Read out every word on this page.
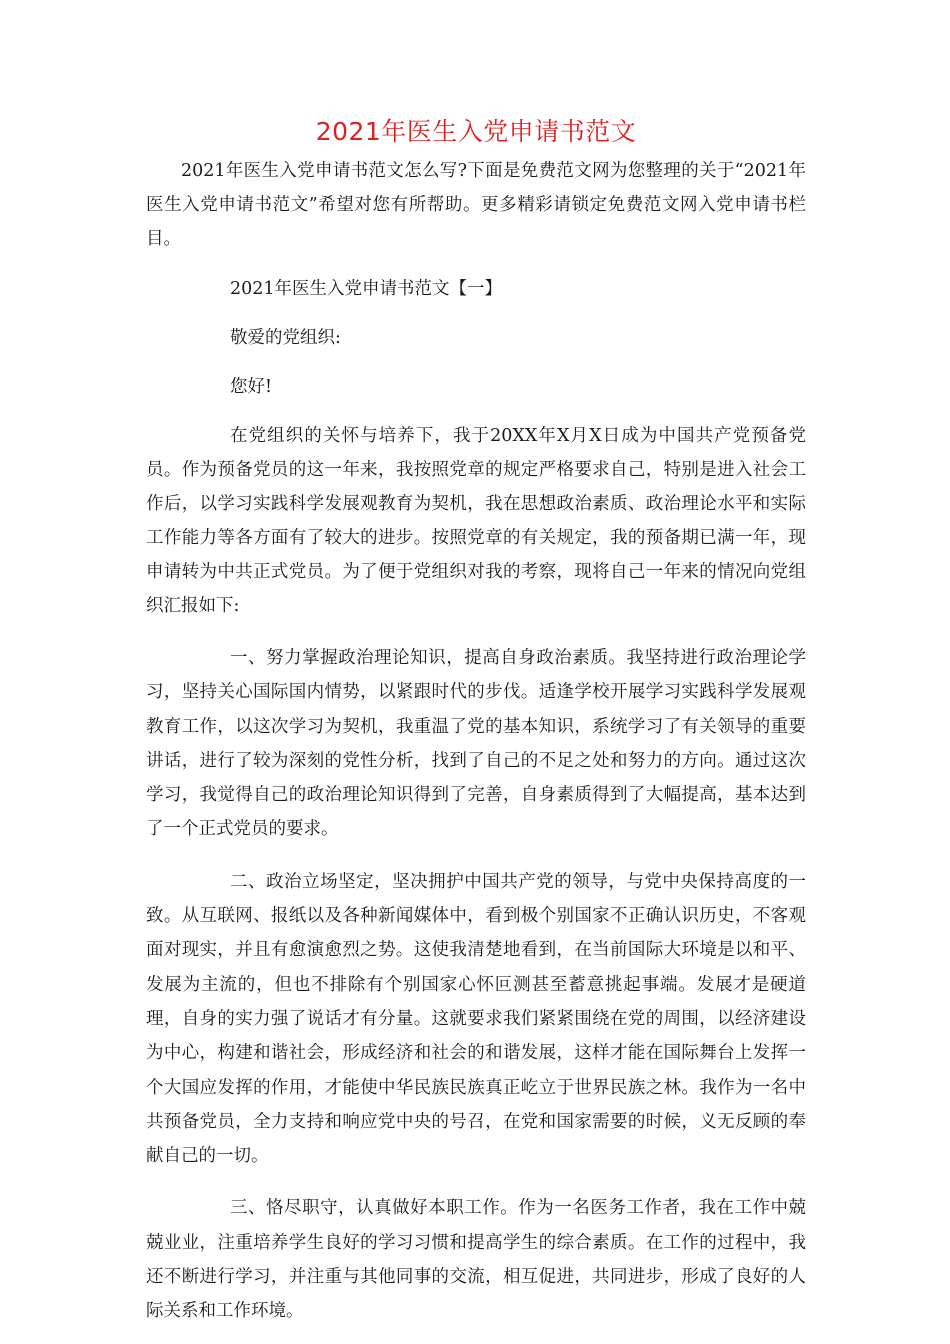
2021年医生入党申请书范文

2021年医生入党申请书范文怎么写?下面是免费范文网为您整理的关于“2021年医生入党申请书范文”希望对您有所帮助。更多精彩请锁定免费范文网入党申请书栏目。

2021年医生入党申请书范文【一】

敬爱的党组织:

您好!

在党组织的关怀与培养下，我于20XX年X月X日成为中国共产党预备党员。作为预备党员的这一年来，我按照党章的规定严格要求自己，特别是进入社会工作后，以学习实践科学发展观教育为契机，我在思想政治素质、政治理论水平和实际工作能力等各方面有了较大的进步。按照党章的有关规定，我的预备期已满一年，现申请转为中共正式党员。为了便于党组织对我的考察，现将自己一年来的情况向党组织汇报如下:

一、努力掌握政治理论知识，提高自身政治素质。我坚持进行政治理论学习，坚持关心国际国内情势，以紧跟时代的步伐。适逢学校开展学习实践科学发展观教育工作，以这次学习为契机，我重温了党的基本知识，系统学习了有关领导的重要讲话，进行了较为深刻的党性分析，找到了自己的不足之处和努力的方向。通过这次学习，我觉得自己的政治理论知识得到了完善，自身素质得到了大幅提高，基本达到了一个正式党员的要求。

二、政治立场坚定，坚决拥护中国共产党的领导，与党中央保持高度的一致。从互联网、报纸以及各种新闻媒体中，看到极个别国家不正确认识历史，不客观面对现实，并且有愈演愈烈之势。这使我清楚地看到，在当前国际大环境是以和平、发展为主流的，但也不排除有个别国家心怀叵测甚至蓄意挑起事端。发展才是硬道理，自身的实力强了说话才有分量。这就要求我们紧紧围绕在党的周围，以经济建设为中心，构建和谐社会，形成经济和社会的和谐发展，这样才能在国际舞台上发挥一个大国应发挥的作用，才能使中华民族民族真正屹立于世界民族之林。我作为一名中共预备党员，全力支持和响应党中央的号召，在党和国家需要的时候，义无反顾的奉献自己的一切。

三、恪尽职守，认真做好本职工作。作为一名医务工作者，我在工作中兢兢业业，注重培养学生良好的学习习惯和提高学生的综合素质。在工作的过程中，我还不断进行学习，并注重与其他同事的交流，相互促进，共同进步，形成了良好的人际关系和工作环境。
